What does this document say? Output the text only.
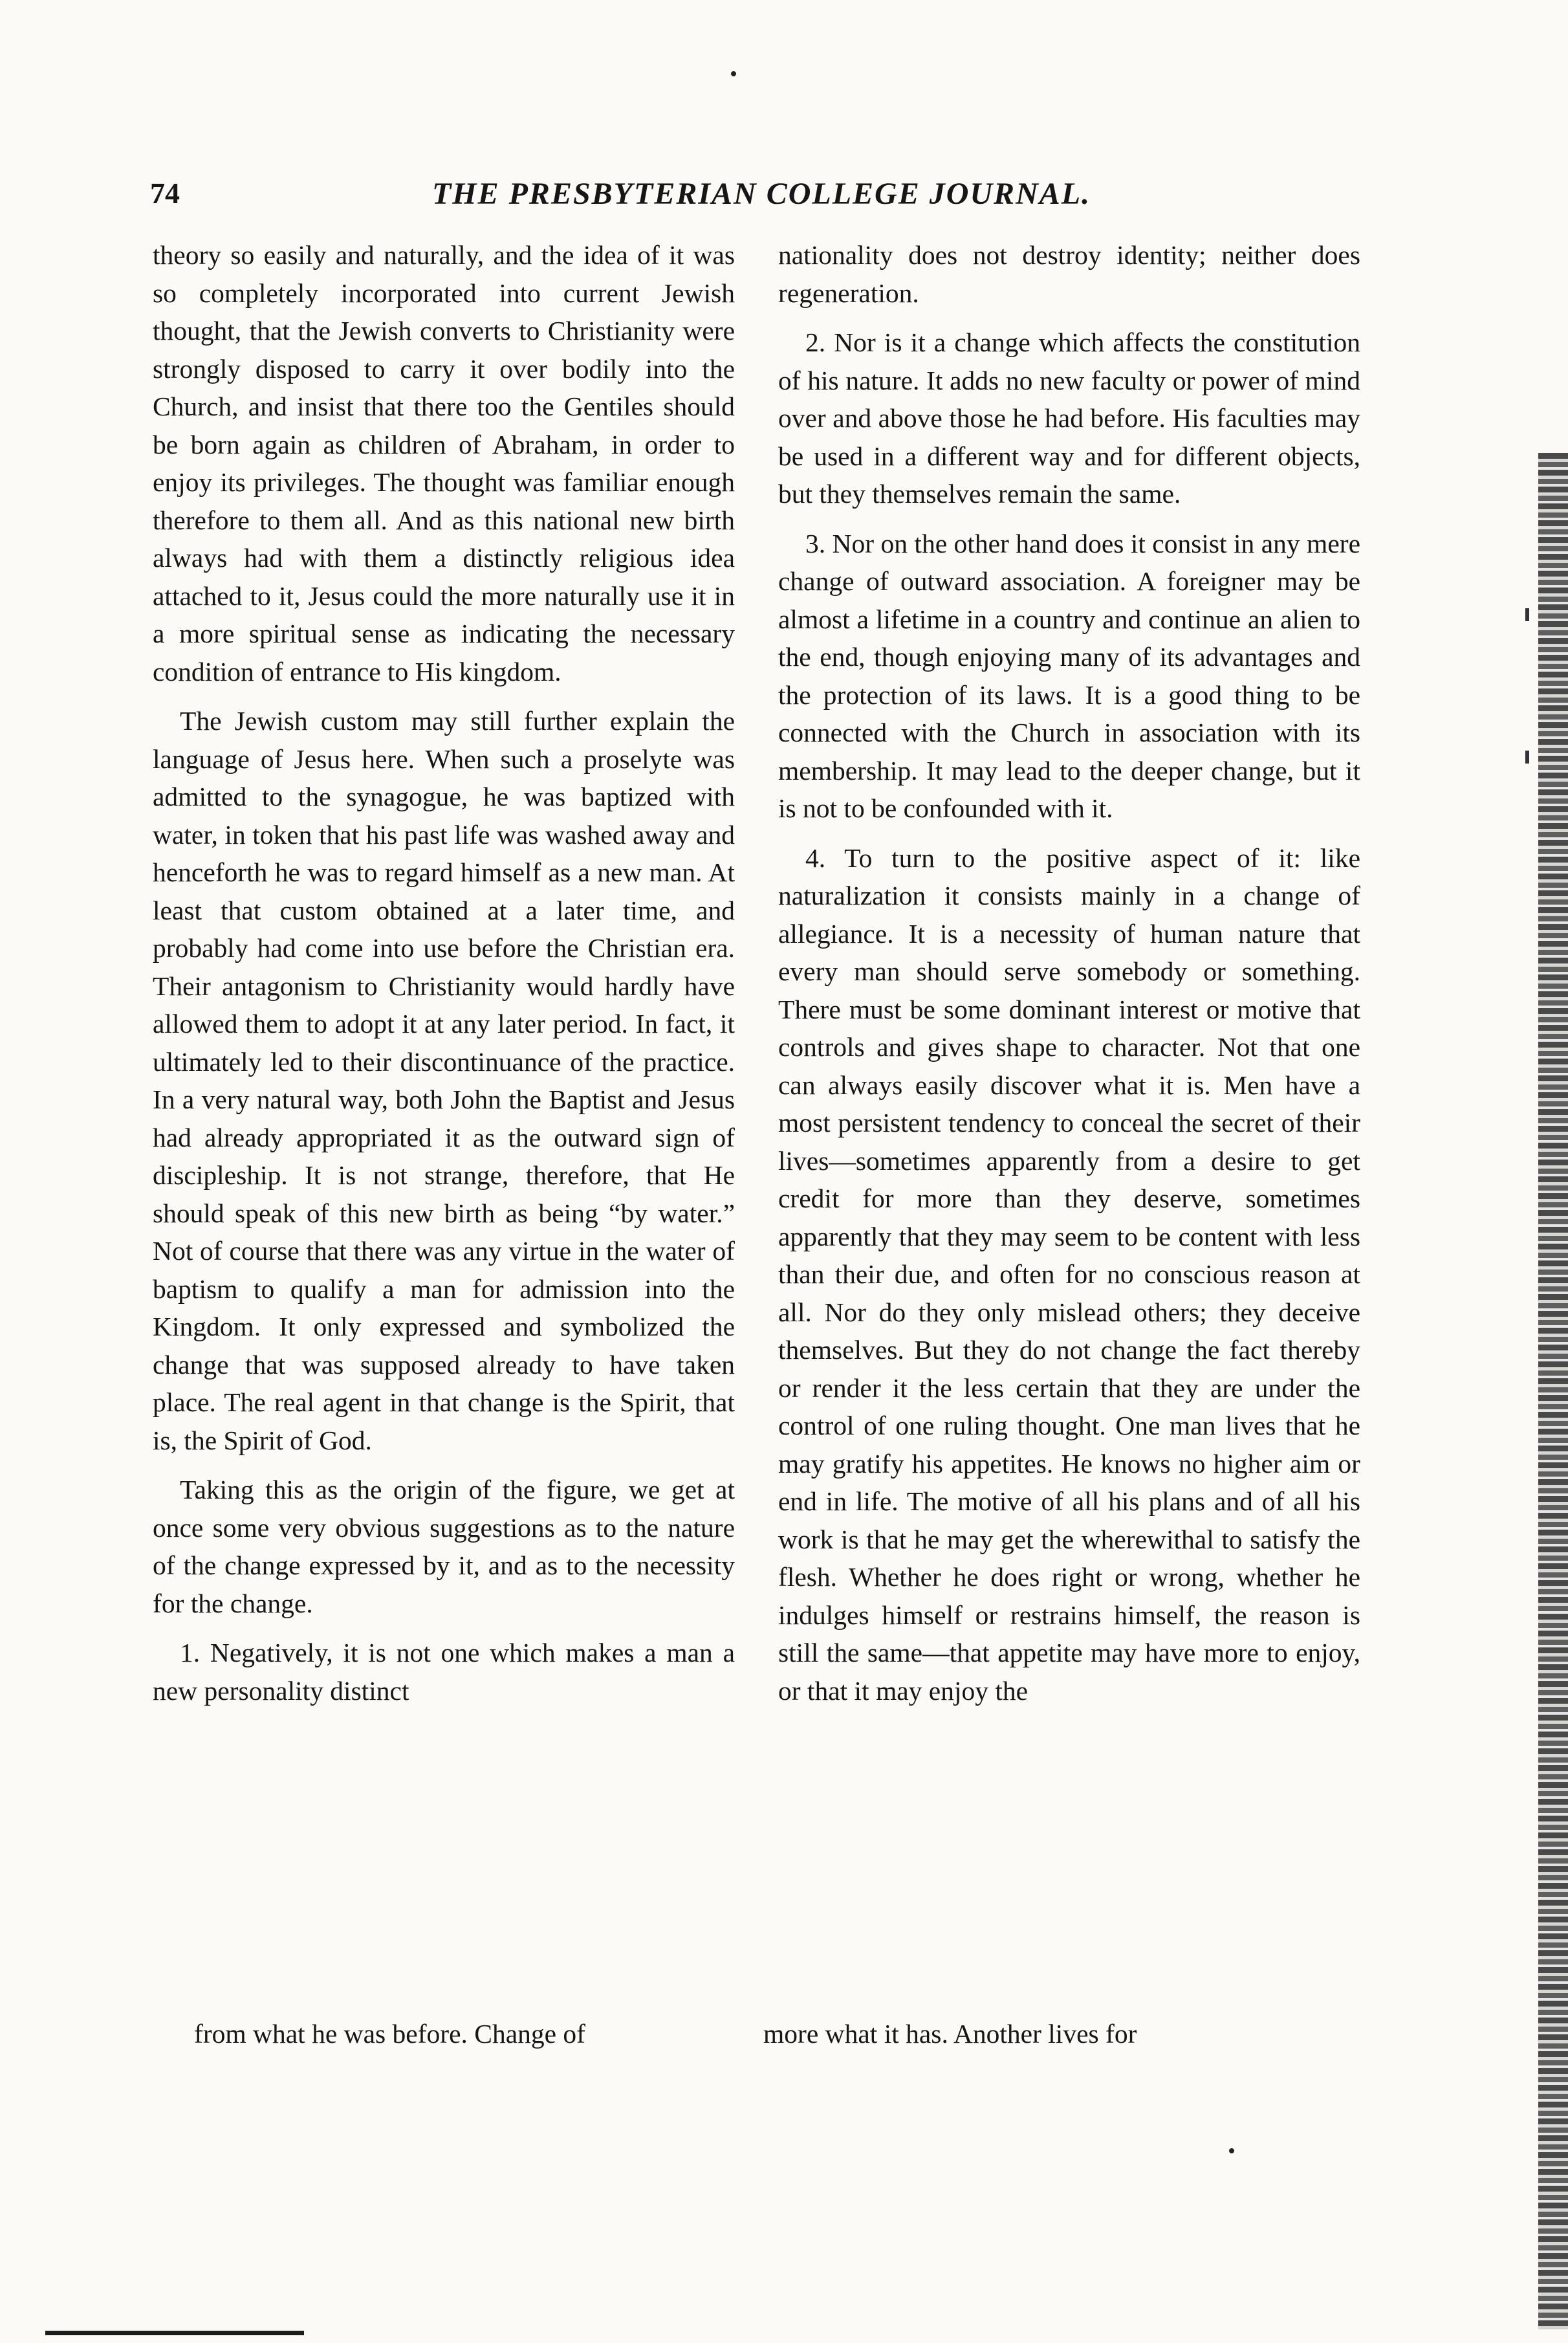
74	THE PRESBYTERIAN COLLEGE JOURNAL.

theory so easily and naturally, and the idea of it was so completely incorporated into current Jewish thought, that the Jewish converts to Christianity were strongly disposed to carry it over bodily into the Church, and insist that there too the Gentiles should be born again as children of Abraham, in order to enjoy its privileges. The thought was familiar enough therefore to them all. And as this national new birth always had with them a distinctly religious idea attached to it, Jesus could the more naturally use it in a more spiritual sense as indicating the necessary condition of entrance to His kingdom.

The Jewish custom may still further explain the language of Jesus here. When such a proselyte was admitted to the synagogue, he was baptized with water, in token that his past life was washed away and henceforth he was to regard himself as a new man. At least that custom obtained at a later time, and probably had come into use before the Christian era. Their antagonism to Christianity would hardly have allowed them to adopt it at any later period. In fact, it ultimately led to their discontinuance of the practice. In a very natural way, both John the Baptist and Jesus had already appropriated it as the outward sign of discipleship. It is not strange, therefore, that He should speak of this new birth as being “by water.” Not of course that there was any virtue in the water of baptism to qualify a man for admission into the Kingdom. It only expressed and symbolized the change that was supposed already to have taken place. The real agent in that change is the Spirit, that is, the Spirit of God.

Taking this as the origin of the figure, we get at once some very obvious suggestions as to the nature of the change expressed by it, and as to the necessity for the change.

1. Negatively, it is not one which makes a man a new personality distinct

nationality does not destroy identity; neither does regeneration.

2. Nor is it a change which affects the constitution of his nature. It adds no new faculty or power of mind over and above those he had before. His faculties may be used in a different way and for different objects, but they themselves remain the same.

3. Nor on the other hand does it consist in any mere change of outward association. A foreigner may be almost a lifetime in a country and continue an alien to the end, though enjoying many of its advantages and the protection of its laws. It is a good thing to be connected with the Church in association with its membership. It may lead to the deeper change, but it is not to be confounded with it.

4. To turn to the positive aspect of it: like naturalization it consists mainly in a change of allegiance. It is a necessity of human nature that every man should serve somebody or something. There must be some dominant interest or motive that controls and gives shape to character. Not that one can always easily discover what it is. Men have a most persistent tendency to conceal the secret of their lives—sometimes apparently from a desire to get credit for more than they deserve, sometimes apparently that they may seem to be content with less than their due, and often for no conscious reason at all. Nor do they only mislead others; they deceive themselves. But they do not change the fact thereby or render it the less certain that they are under the control of one ruling thought. One man lives that he may gratify his appetites. He knows no higher aim or end in life. The motive of all his plans and of all his work is that he may get the wherewithal to satisfy the flesh. Whether he does right or wrong, whether he indulges himself or restrains himself, the reason is still the same—that appetite may have more to enjoy, or that it may enjoy the

from what he was before. Change of	more what it has. Another lives for
